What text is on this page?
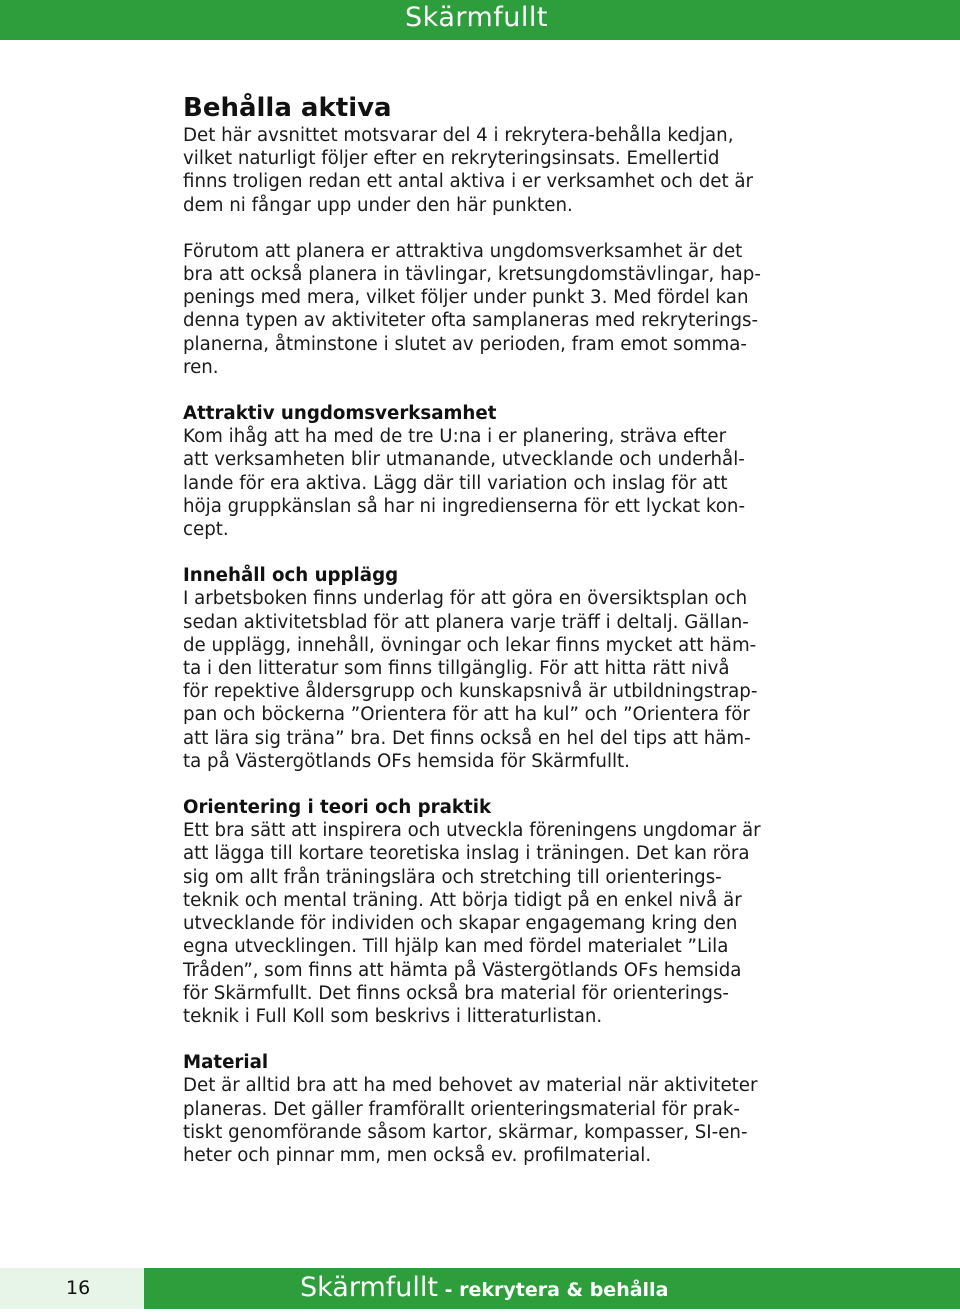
Skärmfullt
Behålla aktiva

Det här avsnittet motsvarar del 4 i rekrytera-behålla kedjan,

vilket naturligt följer efter en rekryteringsinsats. Emellertid

finns troligen redan ett antal aktiva i er verksamhet och det är

dem ni fångar upp under den här punkten.

Förutom att planera er attraktiva ungdomsverksamhet är det

bra att också planera in tävlingar, kretsungdomstävlingar, hap-

penings med mera, vilket följer under punkt 3. Med fördel kan

denna typen av aktiviteter ofta samplaneras med rekryterings-

planerna, åtminstone i slutet av perioden, fram emot somma-

ren.

Attraktiv ungdomsverksamhet

Kom ihåg att ha med de tre U:na i er planering, sträva efter

att verksamheten blir utmanande, utvecklande och underhål-

lande för era aktiva. Lägg där till variation och inslag för att

höja gruppkänslan så har ni ingredienserna för ett lyckat kon-

cept.

Innehåll och upplägg

I arbetsboken finns underlag för att göra en översiktsplan och

sedan aktivitetsblad för att planera varje träff i deltalj. Gällan-

de upplägg, innehåll, övningar och lekar finns mycket att häm-

ta i den litteratur som finns tillgänglig. För att hitta rätt nivå

för repektive åldersgrupp och kunskapsnivå är utbildningstrap-

pan och böckerna ”Orientera för att ha kul” och ”Orientera för

att lära sig träna” bra. Det finns också en hel del tips att häm-

ta på Västergötlands OFs hemsida för Skärmfullt.

Orientering i teori och praktik

Ett bra sätt att inspirera och utveckla föreningens ungdomar är

att lägga till kortare teoretiska inslag i träningen. Det kan röra

sig om allt från träningslära och stretching till orienterings-

teknik och mental träning. Att börja tidigt på en enkel nivå är

utvecklande för individen och skapar engagemang kring den

egna utvecklingen. Till hjälp kan med fördel materialet ”Lila

Tråden”, som finns att hämta på Västergötlands OFs hemsida

för Skärmfullt. Det finns också bra material för orienterings-

teknik i Full Koll som beskrivs i litteraturlistan.

Material

Det är alltid bra att ha med behovet av material när aktiviteter

planeras. Det gäller framförallt orienteringsmaterial för prak-

tiskt genomförande såsom kartor, skärmar, kompasser, SI-en-

heter och pinnar mm, men också ev. profilmaterial.

16	Skärmfullt - rekrytera & behålla
